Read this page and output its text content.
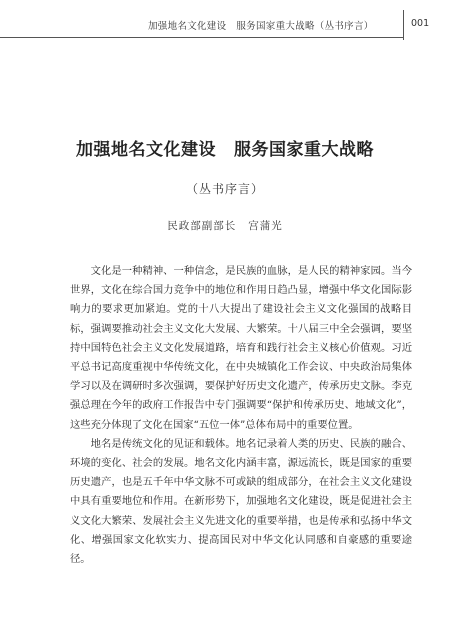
加强地名文化建设 服务国家重大战略（丛书序言）	001
加强地名文化建设 服务国家重大战略
（丛书序言）
民政部副部长 宫蒲光

文化是一种精神、一种信念，是民族的血脉，是人民的精神家园。当今世界，文化在综合国力竞争中的地位和作用日趋凸显，增强中华文化国际影响力的要求更加紧迫。党的十八大提出了建设社会主义文化强国的战略目标，强调要推动社会主义文化大发展、大繁荣。十八届三中全会强调，要坚持中国特色社会主义文化发展道路，培育和践行社会主义核心价值观。习近平总书记高度重视中华传统文化，在中央城镇化工作会议、中央政治局集体学习以及在调研时多次强调，要保护好历史文化遗产，传承历史文脉。李克强总理在今年的政府工作报告中专门强调要“保护和传承历史、地域文化”，这些充分体现了文化在国家“五位一体”总体布局中的重要位置。

地名是传统文化的见证和载体。地名记录着人类的历史、民族的融合、环境的变化、社会的发展。地名文化内涵丰富，源远流长，既是国家的重要历史遗产，也是五千年中华文脉不可或缺的组成部分，在社会主义文化建设中具有重要地位和作用。在新形势下，加强地名文化建设，既是促进社会主义文化大繁荣、发展社会主义先进文化的重要举措，也是传承和弘扬中华文化、增强国家文化软实力、提高国民对中华文化认同感和自豪感的重要途径。
